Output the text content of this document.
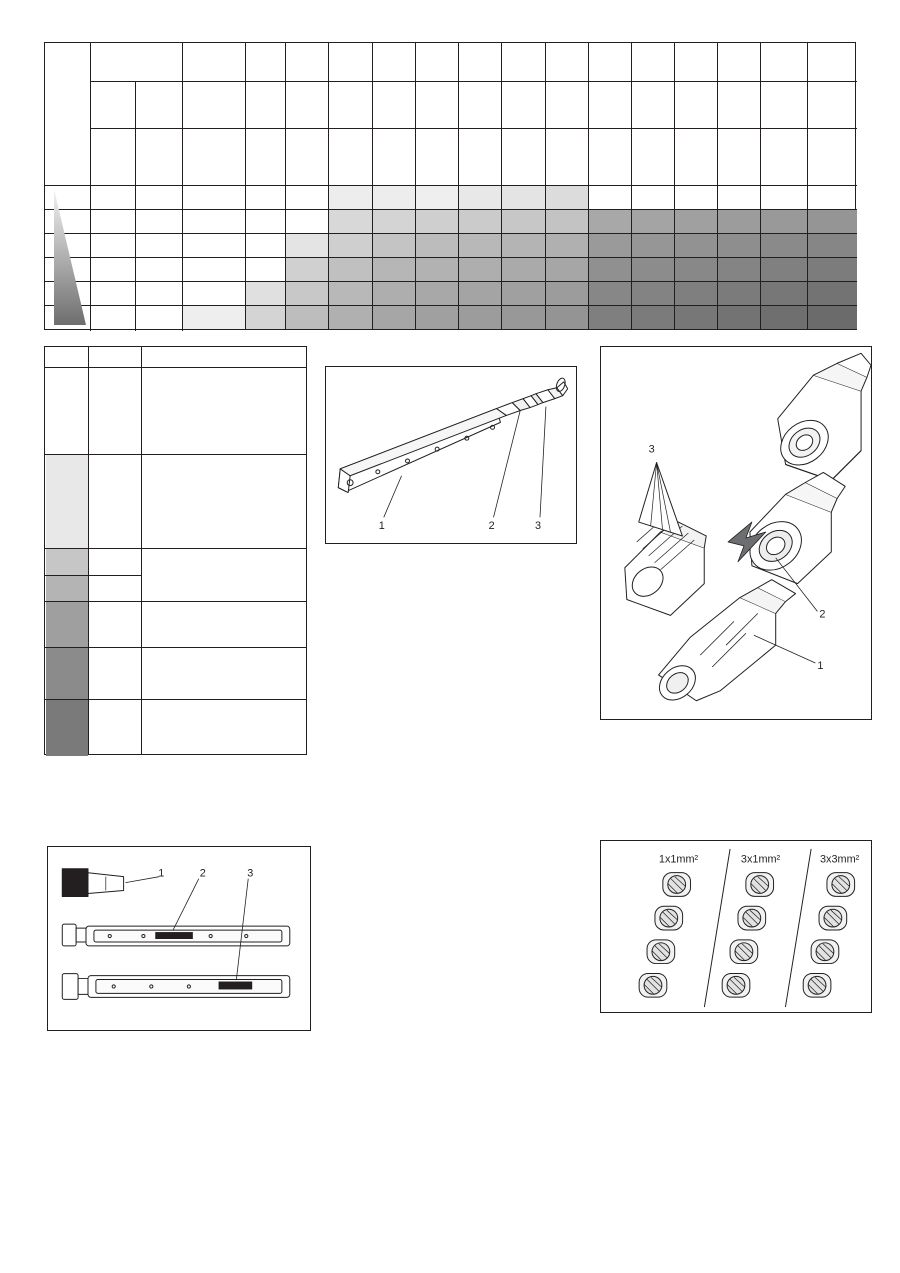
1	2	3
3
2
1
1	2	3
1x1mm²	3x1mm²	3x3mm²
